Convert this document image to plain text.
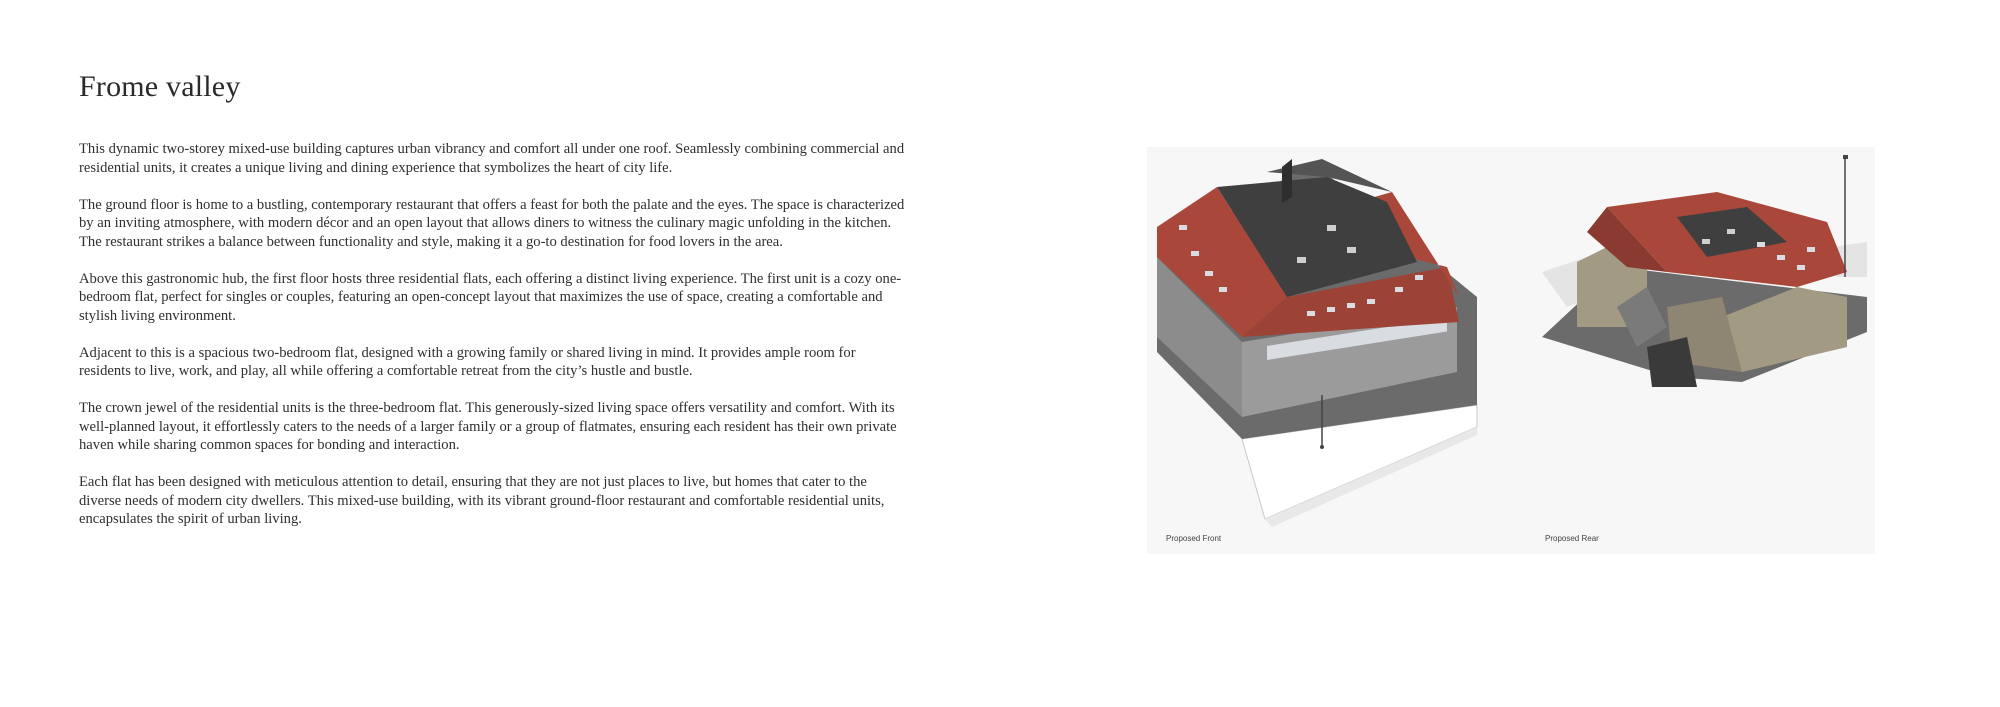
Frome valley

This dynamic two-storey mixed-use building captures urban vibrancy and comfort all under one roof. Seamlessly combining commercial and residential units, it creates a unique living and dining experience that symbolizes the heart of city life.

The ground floor is home to a bustling, contemporary restaurant that offers a feast for both the palate and the eyes. The space is characterized by an inviting atmosphere, with modern décor and an open layout that allows diners to witness the culinary magic unfolding in the kitchen. The restaurant strikes a balance between functionality and style, making it a go-to destination for food lovers in the area.

Above this gastronomic hub, the first floor hosts three residential flats, each offering a distinct living experience. The first unit is a cozy one-bedroom flat, perfect for singles or couples, featuring an open-concept layout that maximizes the use of space, creating a comfortable and stylish living environment.

Adjacent to this is a spacious two-bedroom flat, designed with a growing family or shared living in mind. It provides ample room for residents to live, work, and play, all while offering a comfortable retreat from the city’s hustle and bustle.

The crown jewel of the residential units is the three-bedroom flat. This generously-sized living space offers versatility and comfort. With its well-planned layout, it effortlessly caters to the needs of a larger family or a group of flatmates, ensuring each resident has their own private haven while sharing common spaces for bonding and interaction.

Each flat has been designed with meticulous attention to detail, ensuring that they are not just places to live, but homes that cater to the diverse needs of modern city dwellers. This mixed-use building, with its vibrant ground-floor restaurant and comfortable residential units, encapsulates the spirit of urban living.

Proposed Front	Proposed Rear
